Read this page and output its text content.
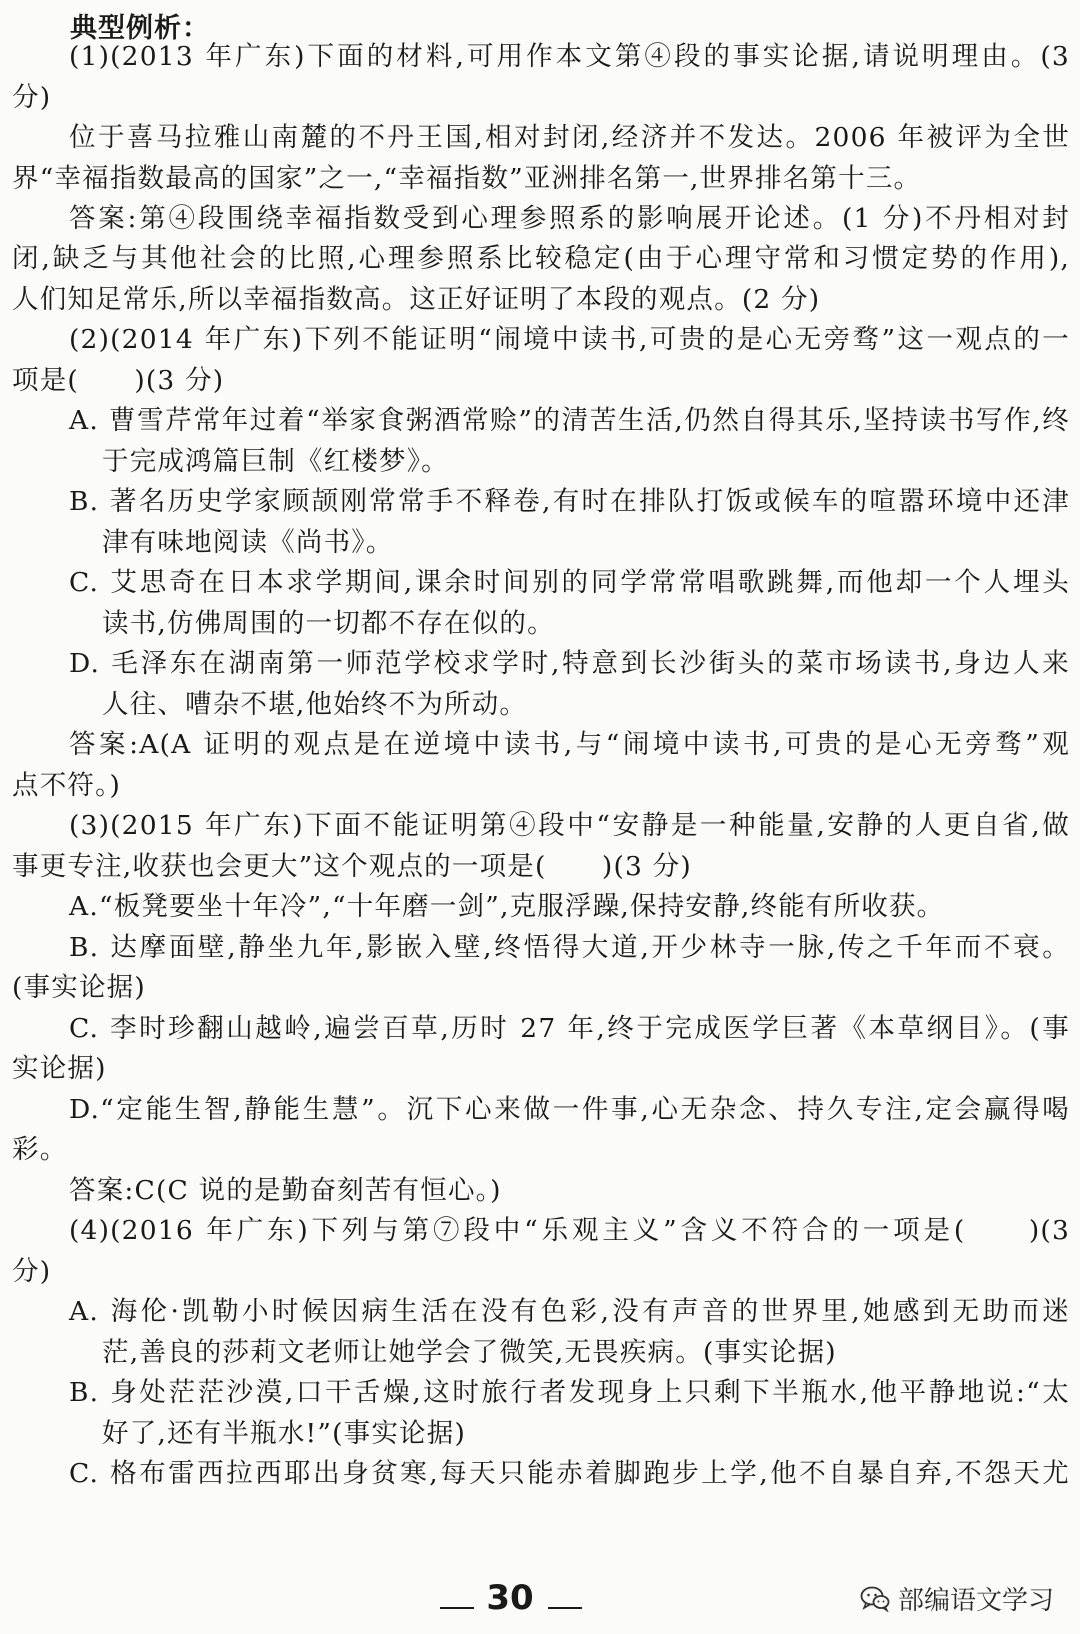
典型例析：
(1)(2013 年广东)下面的材料,可用作本文第④段的事实论据,请说明理由。(3
分)
位于喜马拉雅山南麓的不丹王国,相对封闭,经济并不发达。2006 年被评为全世
界“幸福指数最高的国家”之一,“幸福指数”亚洲排名第一,世界排名第十三。
答案:第④段围绕幸福指数受到心理参照系的影响展开论述。(1 分)不丹相对封
闭,缺乏与其他社会的比照,心理参照系比较稳定(由于心理守常和习惯定势的作用),
人们知足常乐,所以幸福指数高。这正好证明了本段的观点。(2 分)
(2)(2014 年广东)下列不能证明“闹境中读书,可贵的是心无旁骛”这一观点的一
项是(　　)(3 分)
A. 曹雪芹常年过着“举家食粥酒常赊”的清苦生活,仍然自得其乐,坚持读书写作,终
于完成鸿篇巨制《红楼梦》。
B. 著名历史学家顾颉刚常常手不释卷,有时在排队打饭或候车的喧嚣环境中还津
津有味地阅读《尚书》。
C. 艾思奇在日本求学期间,课余时间别的同学常常唱歌跳舞,而他却一个人埋头
读书,仿佛周围的一切都不存在似的。
D. 毛泽东在湖南第一师范学校求学时,特意到长沙街头的菜市场读书,身边人来
人往、嘈杂不堪,他始终不为所动。
答案:A(A 证明的观点是在逆境中读书,与“闹境中读书,可贵的是心无旁骛”观
点不符。)
(3)(2015 年广东)下面不能证明第④段中“安静是一种能量,安静的人更自省,做
事更专注,收获也会更大”这个观点的一项是(　　)(3 分)
A.“板凳要坐十年冷”,“十年磨一剑”,克服浮躁,保持安静,终能有所收获。
B. 达摩面壁,静坐九年,影嵌入壁,终悟得大道,开少林寺一脉,传之千年而不衰。
(事实论据)
C. 李时珍翻山越岭,遍尝百草,历时 27 年,终于完成医学巨著《本草纲目》。(事
实论据)
D.“定能生智,静能生慧”。沉下心来做一件事,心无杂念、持久专注,定会赢得喝
彩。
答案:C(C 说的是勤奋刻苦有恒心。)
(4)(2016 年广东)下列与第⑦段中“乐观主义”含义不符合的一项是(　　)(3
分)
A. 海伦·凯勒小时候因病生活在没有色彩,没有声音的世界里,她感到无助而迷
茫,善良的莎莉文老师让她学会了微笑,无畏疾病。(事实论据)
B. 身处茫茫沙漠,口干舌燥,这时旅行者发现身上只剩下半瓶水,他平静地说:“太
好了,还有半瓶水!”(事实论据)
C. 格布雷西拉西耶出身贫寒,每天只能赤着脚跑步上学,他不自暴自弃,不怨天尤
30	部编语文学习
